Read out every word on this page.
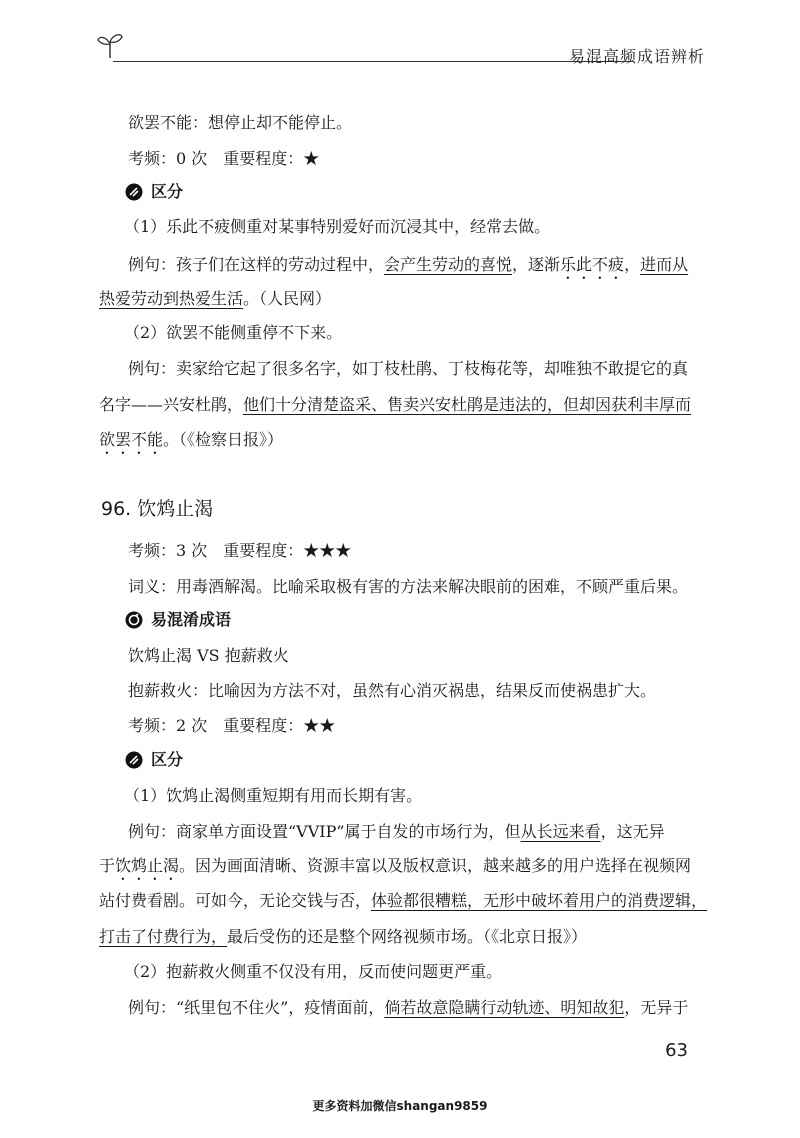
易混高频成语辨析
欲罢不能：想停止却不能停止。
考频：0 次　重要程度：★
区分
（1）乐此不疲侧重对某事特别爱好而沉浸其中，经常去做。
例句：孩子们在这样的劳动过程中，会产生劳动的喜悦，逐渐乐此不疲，进而从
热爱劳动到热爱生活。（人民网）
（2）欲罢不能侧重停不下来。
例句：卖家给它起了很多名字，如丁枝杜鹃、丁枝梅花等，却唯独不敢提它的真
名字——兴安杜鹃，他们十分清楚盗采、售卖兴安杜鹃是违法的，但却因获利丰厚而
欲罢不能。（《检察日报》）
96. 饮鸩止渴
考频：3 次　重要程度：★★★
词义：用毒酒解渴。比喻采取极有害的方法来解决眼前的困难，不顾严重后果。
易混淆成语
饮鸩止渴 VS 抱薪救火
抱薪救火：比喻因为方法不对，虽然有心消灭祸患，结果反而使祸患扩大。
考频：2 次　重要程度：★★
区分
（1）饮鸩止渴侧重短期有用而长期有害。
例句：商家单方面设置“VVIP”属于自发的市场行为，但从长远来看，这无异
于饮鸩止渴。因为画面清晰、资源丰富以及版权意识，越来越多的用户选择在视频网
站付费看剧。可如今，无论交钱与否，体验都很糟糕，无形中破坏着用户的消费逻辑，
打击了付费行为，最后受伤的还是整个网络视频市场。（《北京日报》）
（2）抱薪救火侧重不仅没有用，反而使问题更严重。
例句：“纸里包不住火”，疫情面前，倘若故意隐瞒行动轨迹、明知故犯，无异于
63
更多资料加微信shangan9859
